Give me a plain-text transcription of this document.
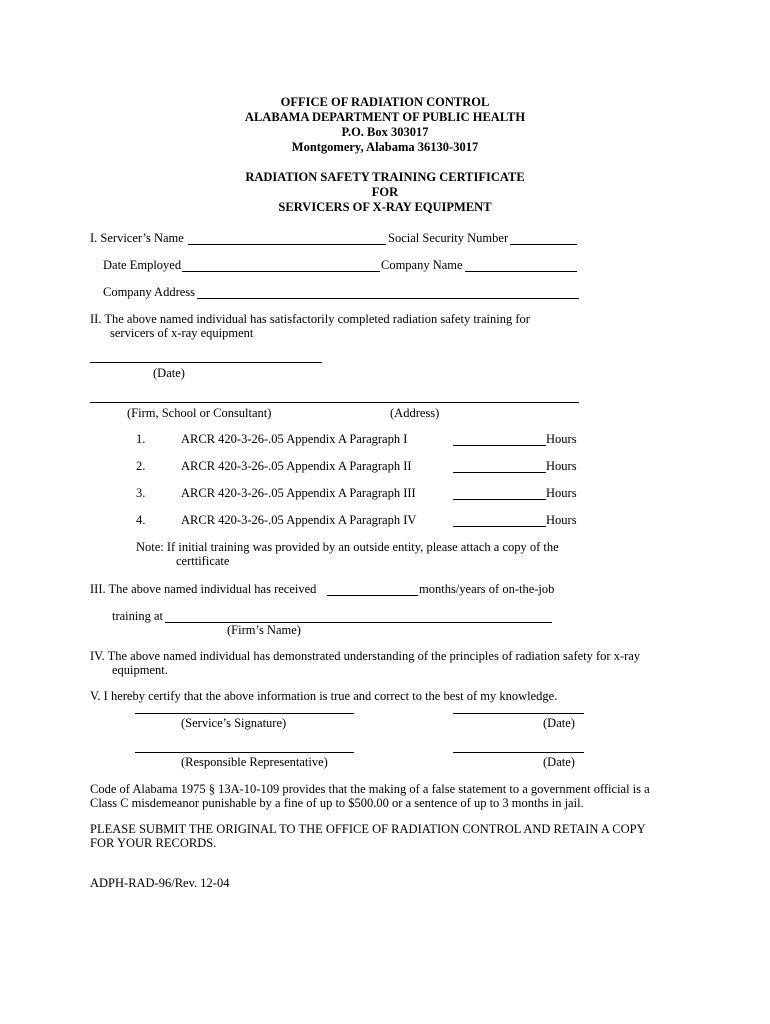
OFFICE OF RADIATION CONTROL
ALABAMA DEPARTMENT OF PUBLIC HEALTH
P.O. Box 303017
Montgomery, Alabama 36130-3017
RADIATION SAFETY TRAINING CERTIFICATE
FOR
SERVICERS OF X-RAY EQUIPMENT
I. Servicer’s Name	Social Security Number
Date Employed	Company Name
Company Address
II. The above named individual has satisfactorily completed radiation safety training for
servicers of x-ray equipment
(Date)
(Firm, School or Consultant)	(Address)
1.	ARCR 420-3-26-.05 Appendix A Paragraph I	Hours
2.	ARCR 420-3-26-.05 Appendix A Paragraph II	Hours
3.	ARCR 420-3-26-.05 Appendix A Paragraph III	Hours
4.	ARCR 420-3-26-.05 Appendix A Paragraph IV	Hours
Note: If initial training was provided by an outside entity, please attach a copy of the
certtificate
III. The above named individual has received	months/years of on-the-job
training at
(Firm’s Name)
IV. The above named individual has demonstrated understanding of the principles of radiation safety for x-ray
equipment.
V. I hereby certify that the above information is true and correct to the best of my knowledge.
(Service’s Signature)	(Date)
(Responsible Representative)	(Date)
Code of Alabama 1975 § 13A-10-109 provides that the making of a false statement to a government official is a
Class C misdemeanor punishable by a fine of up to $500.00 or a sentence of up to 3 months in jail.
PLEASE SUBMIT THE ORIGINAL TO THE OFFICE OF RADIATION CONTROL AND RETAIN A COPY
FOR YOUR RECORDS.
ADPH-RAD-96/Rev. 12-04
